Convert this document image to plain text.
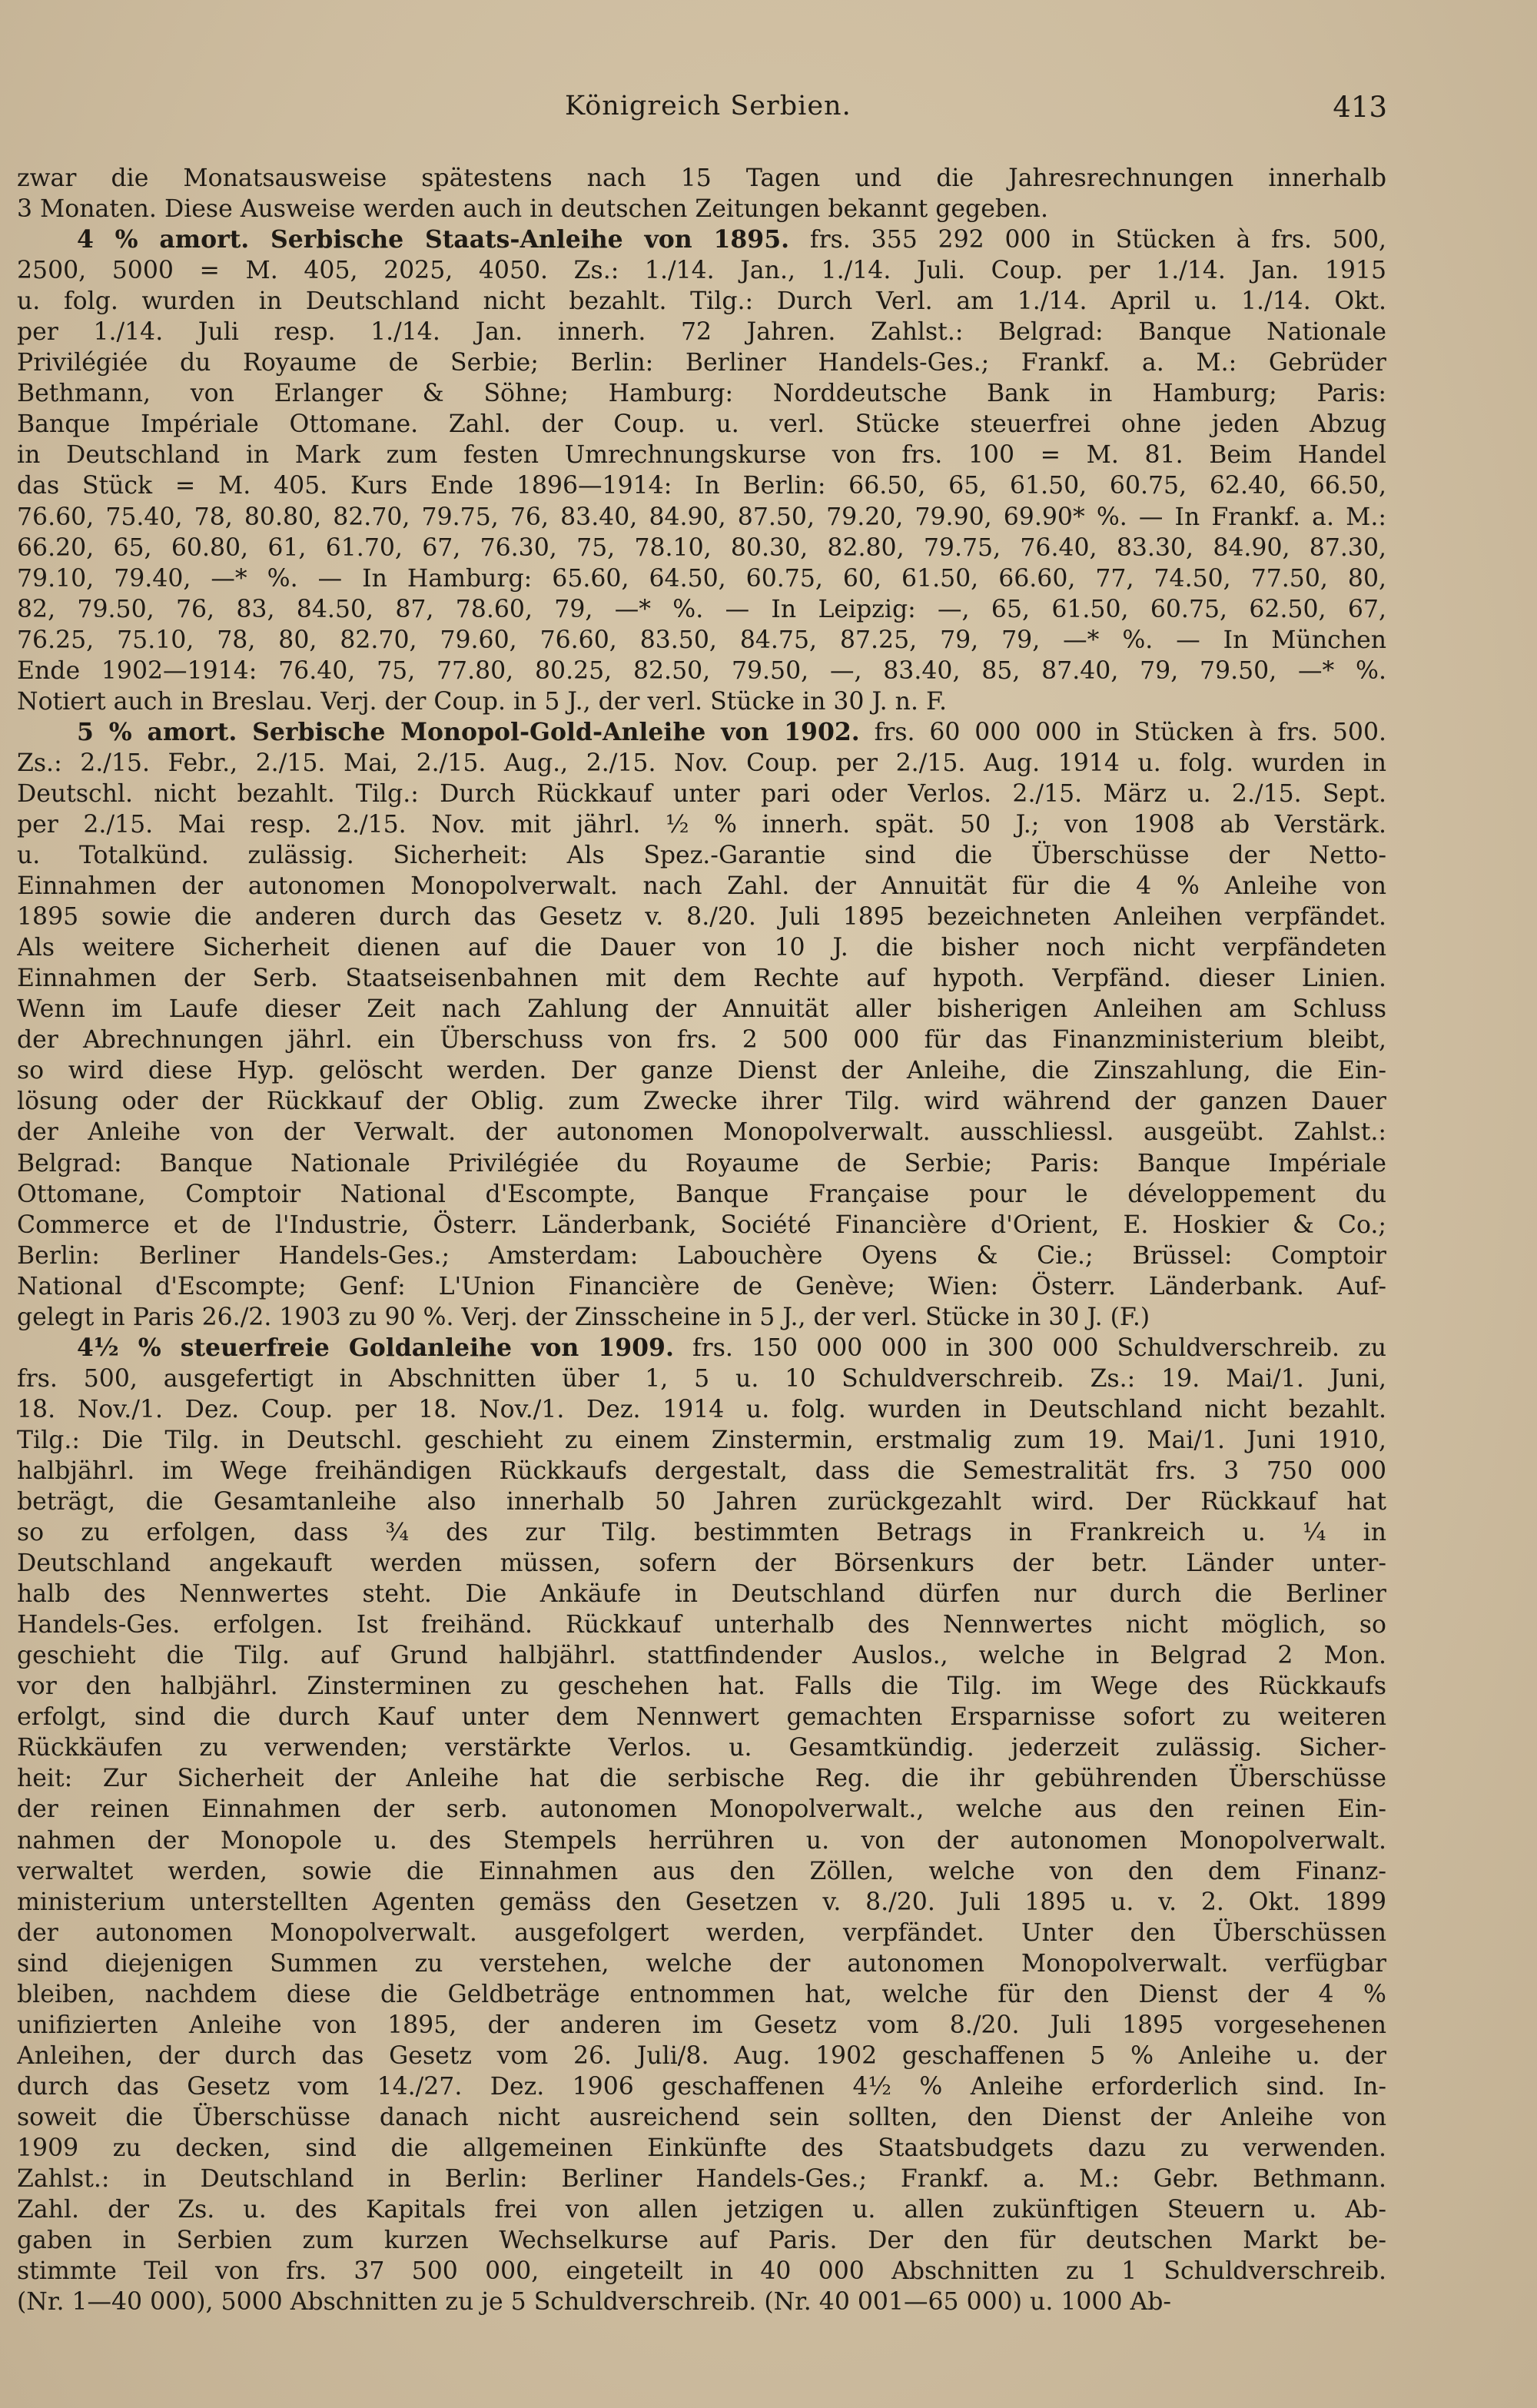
Königreich Serbien.	413
zwar die Monatsausweise spätestens nach 15 Tagen und die Jahresrechnungen innerhalb
3 Monaten. Diese Ausweise werden auch in deutschen Zeitungen bekannt gegeben.
4 % amort. Serbische Staats-Anleihe von 1895. frs. 355 292 000 in Stücken à frs. 500,
2500, 5000 = M. 405, 2025, 4050. Zs.: 1./14. Jan., 1./14. Juli. Coup. per 1./14. Jan. 1915
u. folg. wurden in Deutschland nicht bezahlt. Tilg.: Durch Verl. am 1./14. April u. 1./14. Okt.
per 1./14. Juli resp. 1./14. Jan. innerh. 72 Jahren. Zahlst.: Belgrad: Banque Nationale
Privilégiée du Royaume de Serbie; Berlin: Berliner Handels-Ges.; Frankf. a. M.: Gebrüder
Bethmann, von Erlanger & Söhne; Hamburg: Norddeutsche Bank in Hamburg; Paris:
Banque Impériale Ottomane. Zahl. der Coup. u. verl. Stücke steuerfrei ohne jeden Abzug
in Deutschland in Mark zum festen Umrechnungskurse von frs. 100 = M. 81. Beim Handel
das Stück = M. 405. Kurs Ende 1896—1914: In Berlin: 66.50, 65, 61.50, 60.75, 62.40, 66.50,
76.60, 75.40, 78, 80.80, 82.70, 79.75, 76, 83.40, 84.90, 87.50, 79.20, 79.90, 69.90* %. — In Frankf. a. M.:
66.20, 65, 60.80, 61, 61.70, 67, 76.30, 75, 78.10, 80.30, 82.80, 79.75, 76.40, 83.30, 84.90, 87.30,
79.10, 79.40, —* %. — In Hamburg: 65.60, 64.50, 60.75, 60, 61.50, 66.60, 77, 74.50, 77.50, 80,
82, 79.50, 76, 83, 84.50, 87, 78.60, 79, —* %. — In Leipzig: —, 65, 61.50, 60.75, 62.50, 67,
76.25, 75.10, 78, 80, 82.70, 79.60, 76.60, 83.50, 84.75, 87.25, 79, 79, —* %. — In München
Ende 1902—1914: 76.40, 75, 77.80, 80.25, 82.50, 79.50, —, 83.40, 85, 87.40, 79, 79.50, —* %.
Notiert auch in Breslau. Verj. der Coup. in 5 J., der verl. Stücke in 30 J. n. F.
5 % amort. Serbische Monopol-Gold-Anleihe von 1902. frs. 60 000 000 in Stücken à frs. 500.
Zs.: 2./15. Febr., 2./15. Mai, 2./15. Aug., 2./15. Nov. Coup. per 2./15. Aug. 1914 u. folg. wurden in
Deutschl. nicht bezahlt. Tilg.: Durch Rückkauf unter pari oder Verlos. 2./15. März u. 2./15. Sept.
per 2./15. Mai resp. 2./15. Nov. mit jährl. ½ % innerh. spät. 50 J.; von 1908 ab Verstärk.
u. Totalkünd. zulässig. Sicherheit: Als Spez.-Garantie sind die Überschüsse der Netto-
Einnahmen der autonomen Monopolverwalt. nach Zahl. der Annuität für die 4 % Anleihe von
1895 sowie die anderen durch das Gesetz v. 8./20. Juli 1895 bezeichneten Anleihen verpfändet.
Als weitere Sicherheit dienen auf die Dauer von 10 J. die bisher noch nicht verpfändeten
Einnahmen der Serb. Staatseisenbahnen mit dem Rechte auf hypoth. Verpfänd. dieser Linien.
Wenn im Laufe dieser Zeit nach Zahlung der Annuität aller bisherigen Anleihen am Schluss
der Abrechnungen jährl. ein Überschuss von frs. 2 500 000 für das Finanzministerium bleibt,
so wird diese Hyp. gelöscht werden. Der ganze Dienst der Anleihe, die Zinszahlung, die Ein-
lösung oder der Rückkauf der Oblig. zum Zwecke ihrer Tilg. wird während der ganzen Dauer
der Anleihe von der Verwalt. der autonomen Monopolverwalt. ausschliessl. ausgeübt. Zahlst.:
Belgrad: Banque Nationale Privilégiée du Royaume de Serbie; Paris: Banque Impériale
Ottomane, Comptoir National d'Escompte, Banque Française pour le développement du
Commerce et de l'Industrie, Österr. Länderbank, Société Financière d'Orient, E. Hoskier & Co.;
Berlin: Berliner Handels-Ges.; Amsterdam: Labouchère Oyens & Cie.; Brüssel: Comptoir
National d'Escompte; Genf: L'Union Financière de Genève; Wien: Österr. Länderbank. Auf-
gelegt in Paris 26./2. 1903 zu 90 %. Verj. der Zinsscheine in 5 J., der verl. Stücke in 30 J. (F.)
4½ % steuerfreie Goldanleihe von 1909. frs. 150 000 000 in 300 000 Schuldverschreib. zu
frs. 500, ausgefertigt in Abschnitten über 1, 5 u. 10 Schuldverschreib. Zs.: 19. Mai/1. Juni,
18. Nov./1. Dez. Coup. per 18. Nov./1. Dez. 1914 u. folg. wurden in Deutschland nicht bezahlt.
Tilg.: Die Tilg. in Deutschl. geschieht zu einem Zinstermin, erstmalig zum 19. Mai/1. Juni 1910,
halbjährl. im Wege freihändigen Rückkaufs dergestalt, dass die Semestralität frs. 3 750 000
beträgt, die Gesamtanleihe also innerhalb 50 Jahren zurückgezahlt wird. Der Rückkauf hat
so zu erfolgen, dass ¾ des zur Tilg. bestimmten Betrags in Frankreich u. ¼ in
Deutschland angekauft werden müssen, sofern der Börsenkurs der betr. Länder unter-
halb des Nennwertes steht. Die Ankäufe in Deutschland dürfen nur durch die Berliner
Handels-Ges. erfolgen. Ist freihänd. Rückkauf unterhalb des Nennwertes nicht möglich, so
geschieht die Tilg. auf Grund halbjährl. stattfindender Auslos., welche in Belgrad 2 Mon.
vor den halbjährl. Zinsterminen zu geschehen hat. Falls die Tilg. im Wege des Rückkaufs
erfolgt, sind die durch Kauf unter dem Nennwert gemachten Ersparnisse sofort zu weiteren
Rückkäufen zu verwenden; verstärkte Verlos. u. Gesamtkündig. jederzeit zulässig. Sicher-
heit: Zur Sicherheit der Anleihe hat die serbische Reg. die ihr gebührenden Überschüsse
der reinen Einnahmen der serb. autonomen Monopolverwalt., welche aus den reinen Ein-
nahmen der Monopole u. des Stempels herrühren u. von der autonomen Monopolverwalt.
verwaltet werden, sowie die Einnahmen aus den Zöllen, welche von den dem Finanz-
ministerium unterstellten Agenten gemäss den Gesetzen v. 8./20. Juli 1895 u. v. 2. Okt. 1899
der autonomen Monopolverwalt. ausgefolgert werden, verpfändet. Unter den Überschüssen
sind diejenigen Summen zu verstehen, welche der autonomen Monopolverwalt. verfügbar
bleiben, nachdem diese die Geldbeträge entnommen hat, welche für den Dienst der 4 %
unifizierten Anleihe von 1895, der anderen im Gesetz vom 8./20. Juli 1895 vorgesehenen
Anleihen, der durch das Gesetz vom 26. Juli/8. Aug. 1902 geschaffenen 5 % Anleihe u. der
durch das Gesetz vom 14./27. Dez. 1906 geschaffenen 4½ % Anleihe erforderlich sind. In-
soweit die Überschüsse danach nicht ausreichend sein sollten, den Dienst der Anleihe von
1909 zu decken, sind die allgemeinen Einkünfte des Staatsbudgets dazu zu verwenden.
Zahlst.: in Deutschland in Berlin: Berliner Handels-Ges.; Frankf. a. M.: Gebr. Bethmann.
Zahl. der Zs. u. des Kapitals frei von allen jetzigen u. allen zukünftigen Steuern u. Ab-
gaben in Serbien zum kurzen Wechselkurse auf Paris. Der den für deutschen Markt be-
stimmte Teil von frs. 37 500 000, eingeteilt in 40 000 Abschnitten zu 1 Schuldverschreib.
(Nr. 1—40 000), 5000 Abschnitten zu je 5 Schuldverschreib. (Nr. 40 001—65 000) u. 1000 Ab-
